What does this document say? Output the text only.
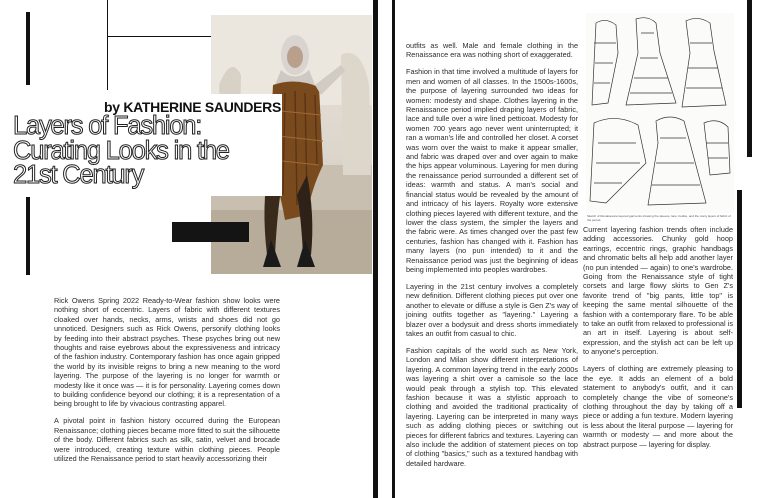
by KATHERINE SAUNDERS
Layers of Fashion:
Curating Looks in the
21st Century
Sketch of Renaissance layered garments showing the sleeves, lace, bodice, and the many layers of fabric of the period.

Rick Owens Spring 2022 Ready-to-Wear fashion show looks were nothing short of eccentric. Layers of fabric with different textures cloaked over hands, necks, arms, wrists and shoes did not go unnoticed. Designers such as Rick Owens, personify clothing looks by feeding into their abstract psyches. These psyches bring out new thoughts and raise eyebrows about the expressiveness and intricacy of the fashion industry. Contemporary fashion has once again gripped the world by its invisible reigns to bring a new meaning to the word layering. The purpose of the layering is no longer for warmth or modesty like it once was — it is for personality. Layering comes down to building confidence beyond our clothing; it is a representation of a being brought to life by vivacious contrasting apparel.

A pivotal point in fashion history occurred during the European Renaissance; clothing pieces became more fitted to suit the silhouette of the body. Different fabrics such as silk, satin, velvet and brocade were introduced, creating texture within clothing pieces. People utilized the Renaissance period to start heavily accessorizing their

outfits as well. Male and female clothing in the Renaissance era was nothing short of exaggerated.

Fashion in that time involved a multitude of layers for men and women of all classes. In the 1500s-1600s, the purpose of layering surrounded two ideas for women: modesty and shape. Clothes layering in the Renaissance period implied draping layers of fabric, lace and tulle over a wire lined petticoat. Modesty for women 700 years ago never went uninterrupted; it ran a woman's life and controlled her closet. A corset was worn over the waist to make it appear smaller, and fabric was draped over and over again to make the hips appear voluminous. Layering for men during the renaissance period surrounded a different set of ideas: warmth and status. A man's social and financial status would be revealed by the amount of and intricacy of his layers. Royalty wore extensive clothing pieces layered with different texture, and the lower the class system, the simpler the layers and the fabric were. As times changed over the past few centuries, fashion has changed with it. Fashion has many layers (no pun intended) to it and the Renaissance period was just the beginning of ideas being implemented into peoples wardrobes.

Layering in the 21st century involves a completely new definition. Different clothing pieces put over one another to elevate or diffuse a style is Gen Z's way of joining outfits together as "layering." Layering a blazer over a bodysuit and dress shorts immediately takes an outfit from casual to chic.

Fashion capitals of the world such as New York, London and Milan show different interpretations of layering. A common layering trend in the early 2000s was layering a shirt over a camisole so the lace would peak through a stylish top. This elevated fashion because it was a stylistic approach to clothing and avoided the traditional practicality of layering. Layering can be interpreted in many ways such as adding clothing pieces or switching out pieces for different fabrics and textures. Layering can also include the addition of statement pieces on top of clothing "basics," such as a textured handbag with detailed hardware.

Current layering fashion trends often include adding accessories. Chunky gold hoop earrings, eccentric rings, graphic handbags and chromatic belts all help add another layer (no pun intended — again) to one's wardrobe. Going from the Renaissance style of tight corsets and large flowy skirts to Gen Z's favorite trend of "big pants, little top" is keeping the same mental silhouette of the fashion with a contemporary flare. To be able to take an outfit from relaxed to professional is an art in itself. Layering is about self-expression, and the stylish act can be left up to anyone's perception.

Layers of clothing are extremely pleasing to the eye. It adds an element of a bold statement to anybody's outfit, and it can completely change the vibe of someone's clothing throughout the day by taking off a piece or adding a fun texture. Modern layering is less about the literal purpose — layering for warmth or modesty — and more about the abstract purpose — layering for display.
